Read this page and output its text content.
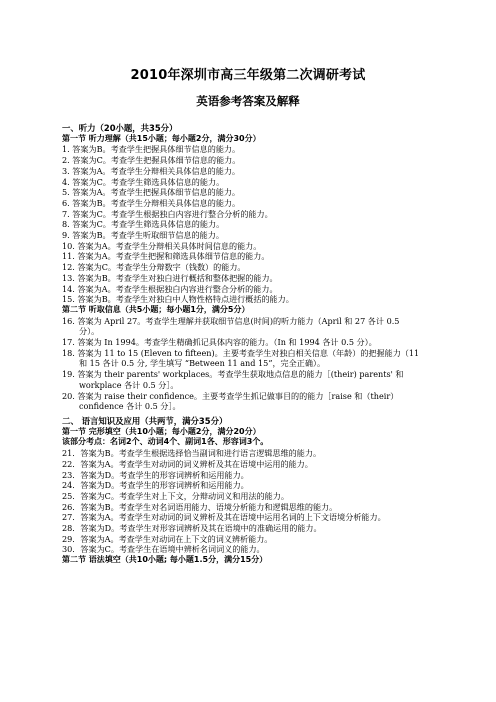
2010年深圳市高三年级第二次调研考试
英语参考答案及解释
一、听力（20小题，共35分）
第一节 听力理解（共15小题；每小题2分，满分30分）
1. 答案为B。考查学生把握具体细节信息的能力。
2. 答案为C。考查学生把握具体细节信息的能力。
3. 答案为A。考查学生分辩相关具体信息的能力。
4. 答案为C。考查学生筛选具体信息的能力。
5. 答案为A。考查学生把握具体细节信息的能力。
6. 答案为B。考查学生分辩相关具体信息的能力。
7. 答案为C。考查学生根据独白内容进行整合分析的能力。
8. 答案为C。考查学生筛选具体信息的能力。
9. 答案为B。考查学生听取细节信息的能力。
10. 答案为A。考查学生分辩相关具体时间信息的能力。
11. 答案为A。考查学生把握和筛选具体细节信息的能力。
12. 答案为C。考查学生分辩数字（钱数）的能力。
13. 答案为B。考查学生对独白进行概括和整体把握的能力。
14. 答案为A。考查学生根据独白内容进行整合分析的能力。
15. 答案为B。考查学生对独白中人物性格特点进行概括的能力。
第二节 听取信息（共5小题；每小题1分，满分5分）
16. 答案为 April 27。考查学生理解并获取细节信息(时间)的听力能力（April 和 27 各计 0.5
分）。
17. 答案为 In 1994。考查学生精确抓记具体内容的能力。（In 和 1994 各计 0.5 分）。
18. 答案为 11 to 15 (Eleven to fifteen)。主要考查学生对独白相关信息（年龄）的把握能力（11
和 15 各计 0.5 分, 学生填写 “Between 11 and 15”，完全正确）。
19. 答案为 their parents' workplaces。考查学生获取地点信息的能力［(their) parents' 和
workplace 各计 0.5 分］。
20. 答案为 raise their confidence。主要考查学生抓记做事目的的能力［raise 和（their）
confidence 各计 0.5 分］。
二、 语言知识及应用（共两节，满分35分）
第一节 完形填空（共10小题；每小题2分，满分20分）
该部分考点：名词2个、动词4个、副词1各、形容词3个。
21．答案为B。考查学生根据选择恰当副词和进行语言逻辑思维的能力。
22．答案为A。考查学生对动词的词义辨析及其在语境中运用的能力。
23．答案为D。考查学生的形容词辨析和运用能力。
24．答案为D。考查学生的形容词辨析和运用能力。
25．答案为C。考查学生对上下文，分辩动词义和用法的能力。
26．答案为B。考查学生对名词语用能力、语境分析能力和逻辑思维的能力。
27．答案为A。考查学生对动词的词义辨析及其在语境中运用名词的上下文语境分析能力。
28．答案为D。考查学生对形容词辨析及其在语境中的准确运用的能力。
29．答案为A。考查学生对动词在上下文的词义辨析能力。
30．答案为C。考查学生在语境中辨析名词词义的能力。
第二节 语法填空（共10小题; 每小题1.5分，满分15分）
